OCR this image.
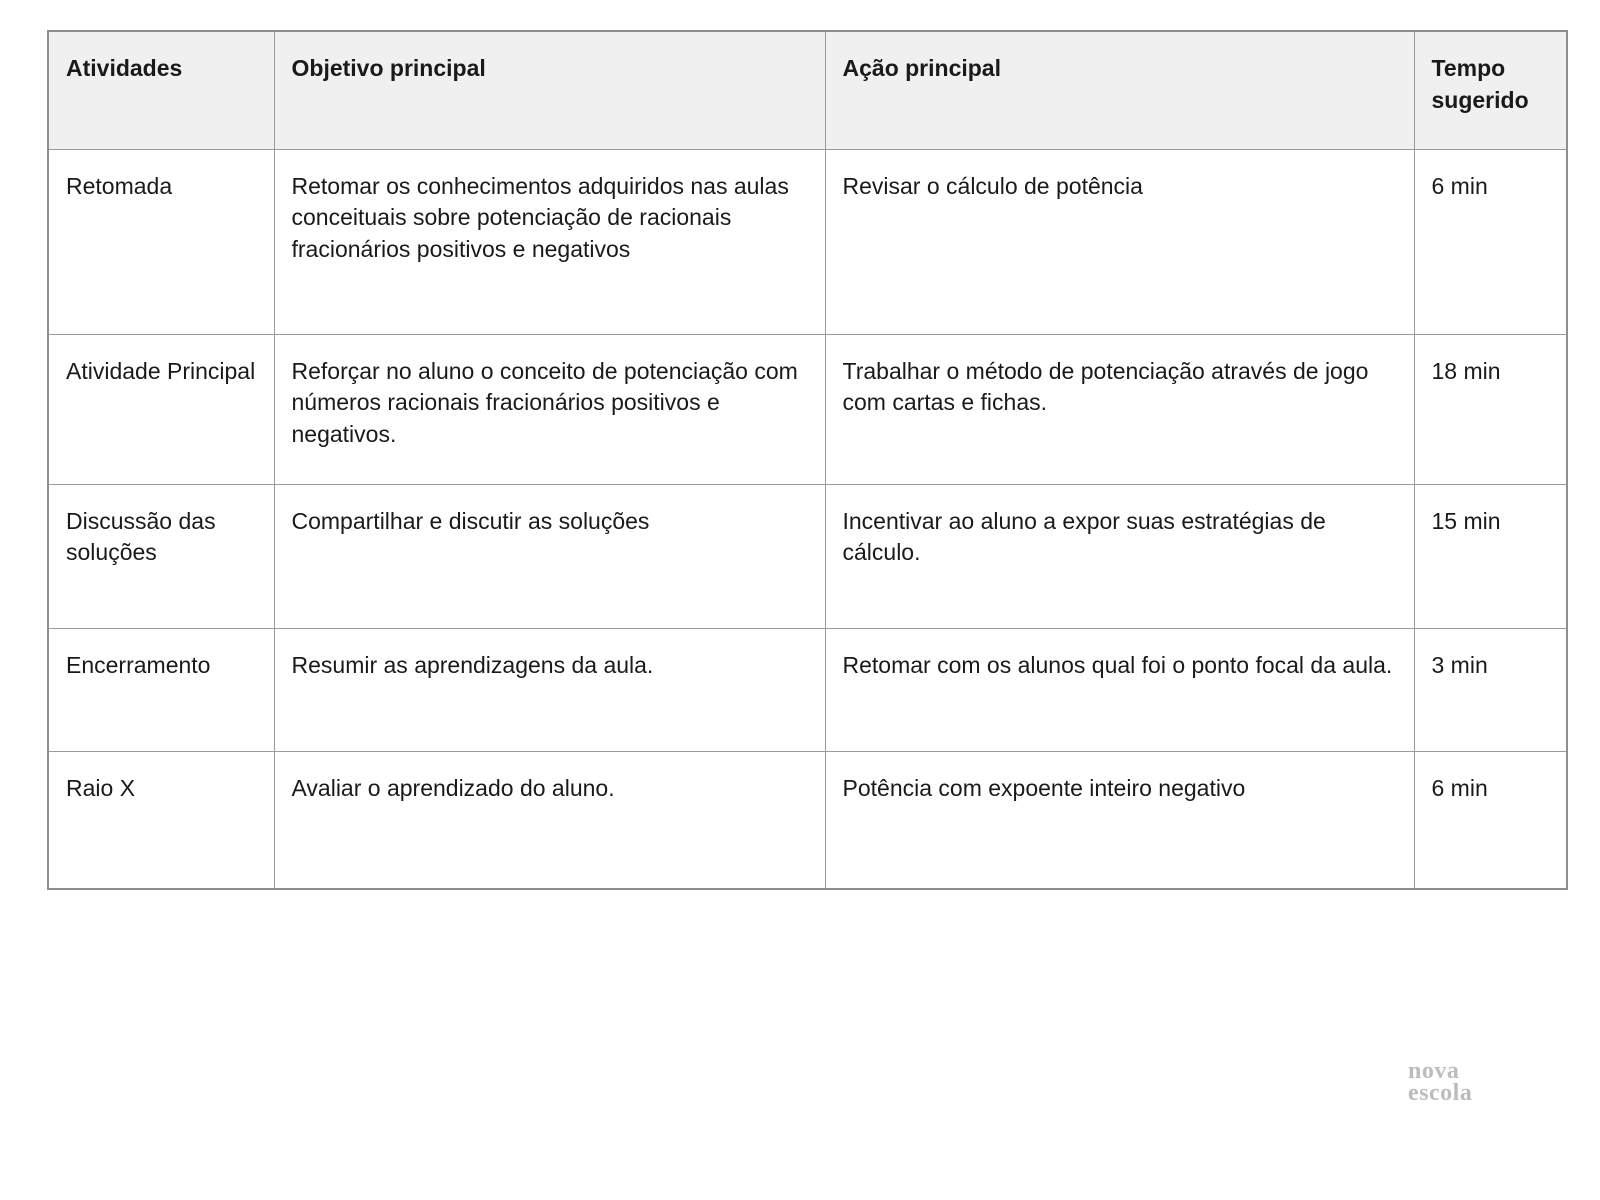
Atividades	Objetivo principal	Ação principal	Tempo sugerido
Retomada	Retomar os conhecimentos adquiridos nas aulas conceituais sobre potenciação de racionais fracionários positivos e negativos	Revisar o cálculo de potência	6 min
Atividade Principal	Reforçar no aluno o conceito de potenciação com números racionais fracionários positivos e negativos.	Trabalhar o método de potenciação através de jogo com cartas e fichas.	18 min
Discussão das soluções	Compartilhar e discutir as soluções	Incentivar ao aluno a expor suas estratégias de cálculo.	15 min
Encerramento	Resumir as aprendizagens da aula.	Retomar com os alunos qual foi o ponto focal da aula.	3 min
Raio X	Avaliar o aprendizado do aluno.	Potência com expoente inteiro negativo	6 min
nova
escola
